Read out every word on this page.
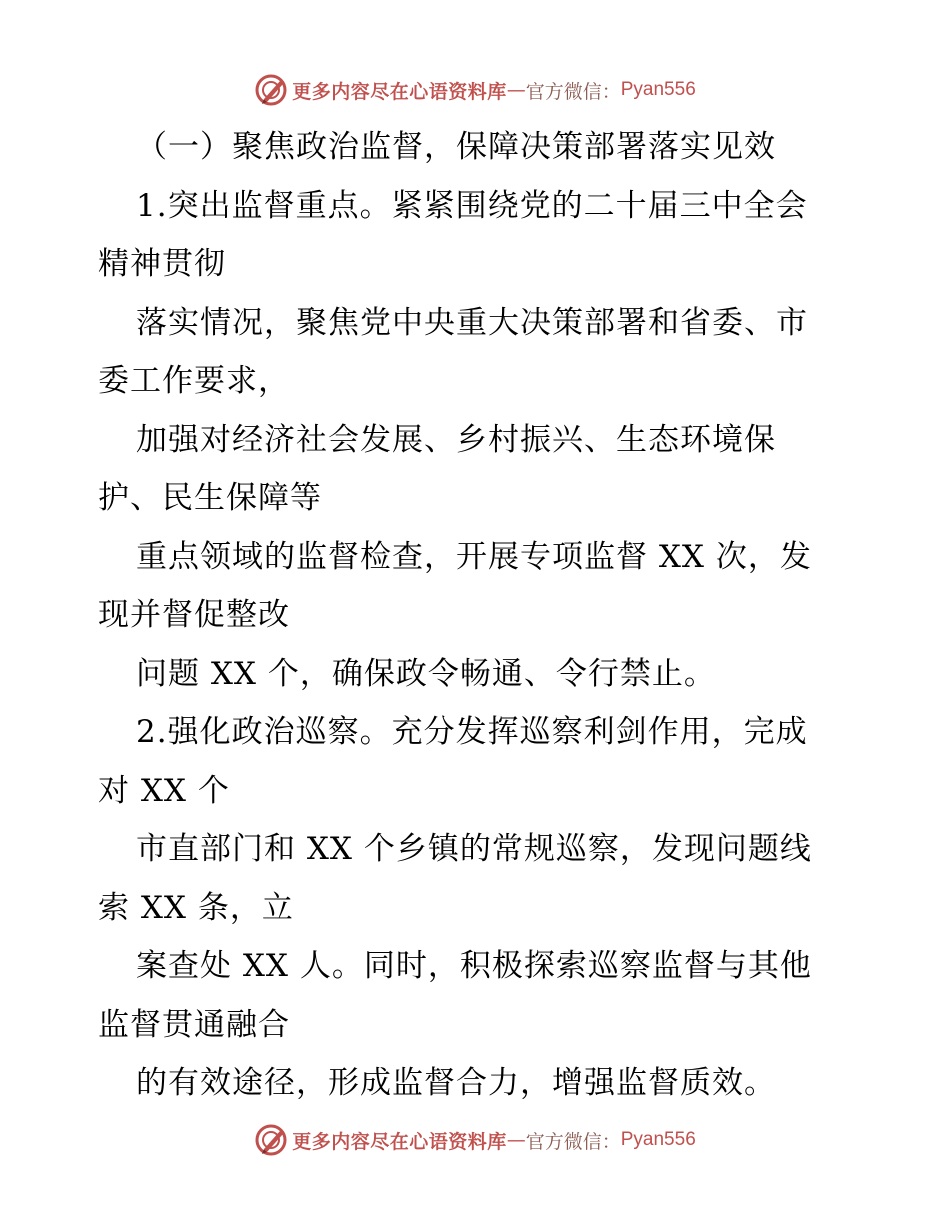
更多内容尽在心语资料库 — 官方微信： Pyan556
（一）聚焦政治监督，保障决策部署落实见效
1.突出监督重点。紧紧围绕党的二十届三中全会
精神贯彻
落实情况，聚焦党中央重大决策部署和省委、市
委工作要求，
加强对经济社会发展、乡村振兴、生态环境保
护、民生保障等
重点领域的监督检查，开展专项监督 XX 次，发
现并督促整改
问题 XX 个，确保政令畅通、令行禁止。
2.强化政治巡察。充分发挥巡察利剑作用，完成
对 XX 个
市直部门和 XX 个乡镇的常规巡察，发现问题线
索 XX 条，立
案查处 XX 人。同时，积极探索巡察监督与其他
监督贯通融合
的有效途径，形成监督合力，增强监督质效。
更多内容尽在心语资料库 — 官方微信： Pyan556
